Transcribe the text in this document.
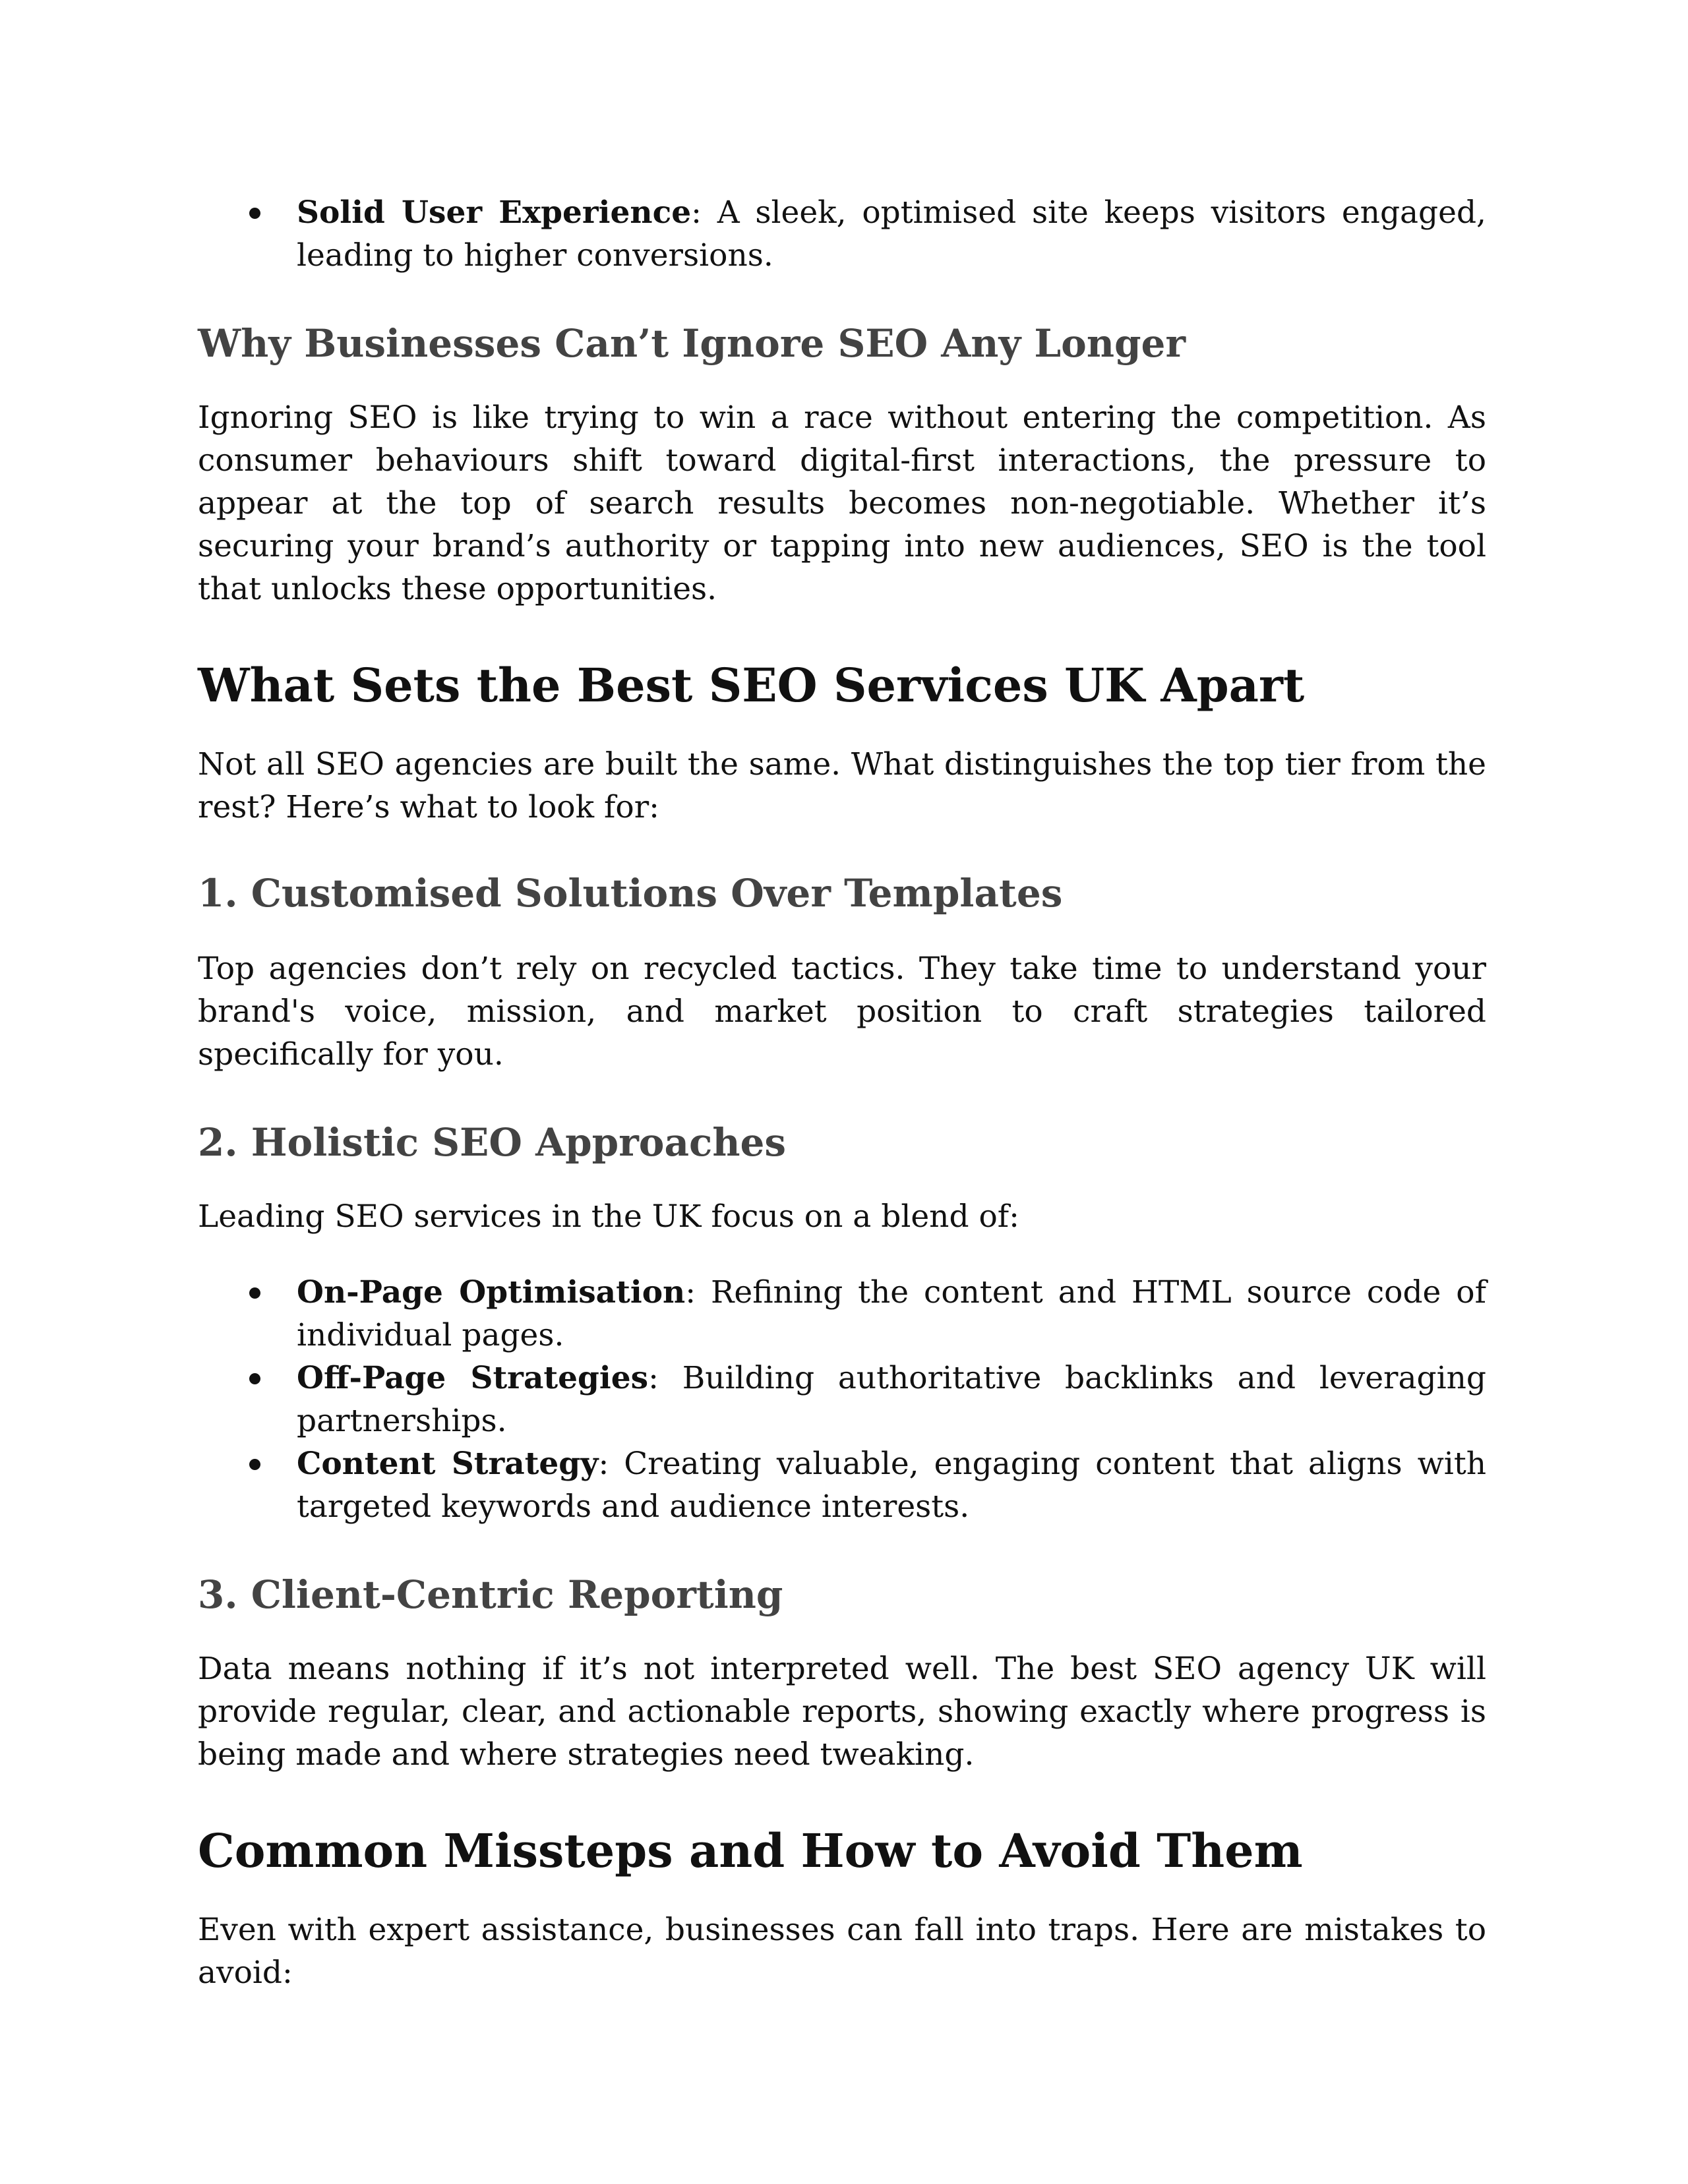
Solid User Experience: A sleek, optimised site keeps visitors engaged, leading to higher conversions.
Why Businesses Can’t Ignore SEO Any Longer

Ignoring SEO is like trying to win a race without entering the competition. As consumer behaviours shift toward digital-first interactions, the pressure to appear at the top of search results becomes non-negotiable. Whether it’s securing your brand’s authority or tapping into new audiences, SEO is the tool that unlocks these opportunities.

What Sets the Best SEO Services UK Apart

Not all SEO agencies are built the same. What distinguishes the top tier from the rest? Here’s what to look for:

1. Customised Solutions Over Templates

Top agencies don’t rely on recycled tactics. They take time to understand your brand's voice, mission, and market position to craft strategies tailored specifically for you.

2. Holistic SEO Approaches

Leading SEO services in the UK focus on a blend of:

On-Page Optimisation: Refining the content and HTML source code of individual pages.
Off-Page Strategies: Building authoritative backlinks and leveraging partnerships.
Content Strategy: Creating valuable, engaging content that aligns with targeted keywords and audience interests.
3. Client-Centric Reporting

Data means nothing if it’s not interpreted well. The best SEO agency UK will provide regular, clear, and actionable reports, showing exactly where progress is being made and where strategies need tweaking.

Common Missteps and How to Avoid Them

Even with expert assistance, businesses can fall into traps. Here are mistakes to avoid:
